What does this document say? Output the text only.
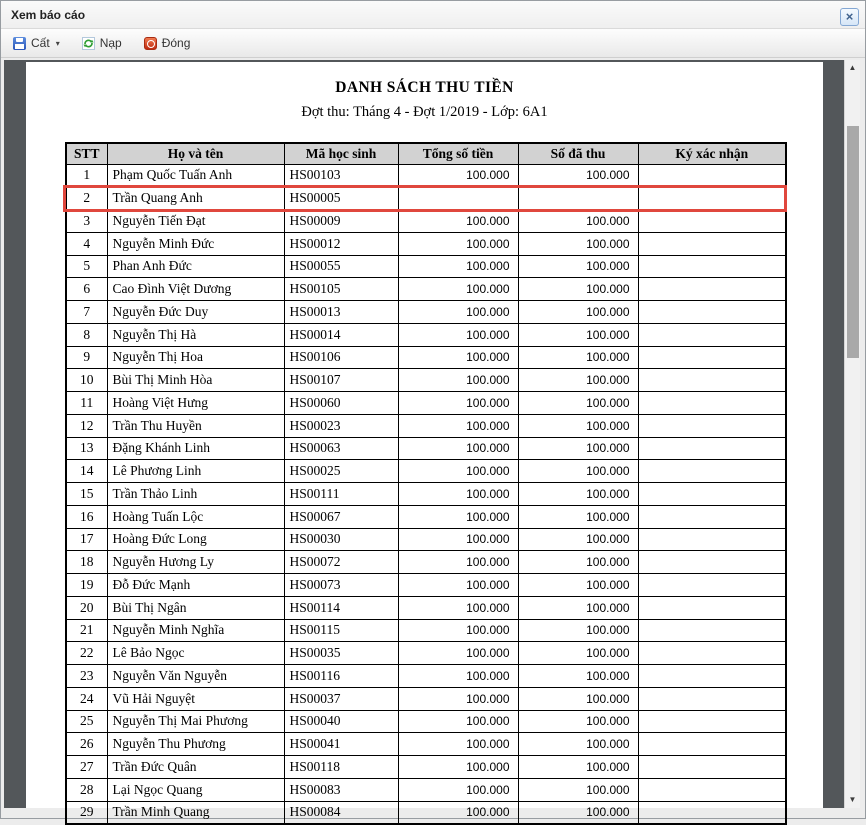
Xem báo cáo	×
Cất ▾	Nạp	Đóng
DANH SÁCH THU TIỀN
Đợt thu: Tháng 4 - Đợt 1/2019 - Lớp: 6A1
STT	Họ và tên	Mã học sinh	Tổng số tiền	Số đã thu	Ký xác nhận
1	Phạm Quốc Tuấn Anh	HS00103	100.000	100.000	
2	Trần Quang Anh	HS00005			
3	Nguyễn Tiến Đạt	HS00009	100.000	100.000	
4	Nguyễn Minh Đức	HS00012	100.000	100.000	
5	Phan Anh Đức	HS00055	100.000	100.000	
6	Cao Đình Việt Dương	HS00105	100.000	100.000	
7	Nguyễn Đức Duy	HS00013	100.000	100.000	
8	Nguyễn Thị Hà	HS00014	100.000	100.000	
9	Nguyễn Thị Hoa	HS00106	100.000	100.000	
10	Bùi Thị Minh Hòa	HS00107	100.000	100.000	
11	Hoàng Việt Hưng	HS00060	100.000	100.000	
12	Trần Thu Huyền	HS00023	100.000	100.000	
13	Đặng Khánh Linh	HS00063	100.000	100.000	
14	Lê Phương Linh	HS00025	100.000	100.000	
15	Trần Thảo Linh	HS00111	100.000	100.000	
16	Hoàng Tuấn Lộc	HS00067	100.000	100.000	
17	Hoàng Đức Long	HS00030	100.000	100.000	
18	Nguyễn Hương Ly	HS00072	100.000	100.000	
19	Đỗ Đức Mạnh	HS00073	100.000	100.000	
20	Bùi Thị Ngân	HS00114	100.000	100.000	
21	Nguyễn Minh Nghĩa	HS00115	100.000	100.000	
22	Lê Bảo Ngọc	HS00035	100.000	100.000	
23	Nguyễn Văn Nguyễn	HS00116	100.000	100.000	
24	Vũ Hải Nguyệt	HS00037	100.000	100.000	
25	Nguyễn Thị Mai Phương	HS00040	100.000	100.000	
26	Nguyễn Thu Phương	HS00041	100.000	100.000	
27	Trần Đức Quân	HS00118	100.000	100.000	
28	Lại Ngọc Quang	HS00083	100.000	100.000	
29	Trần Minh Quang	HS00084	100.000	100.000	
▲
▼
